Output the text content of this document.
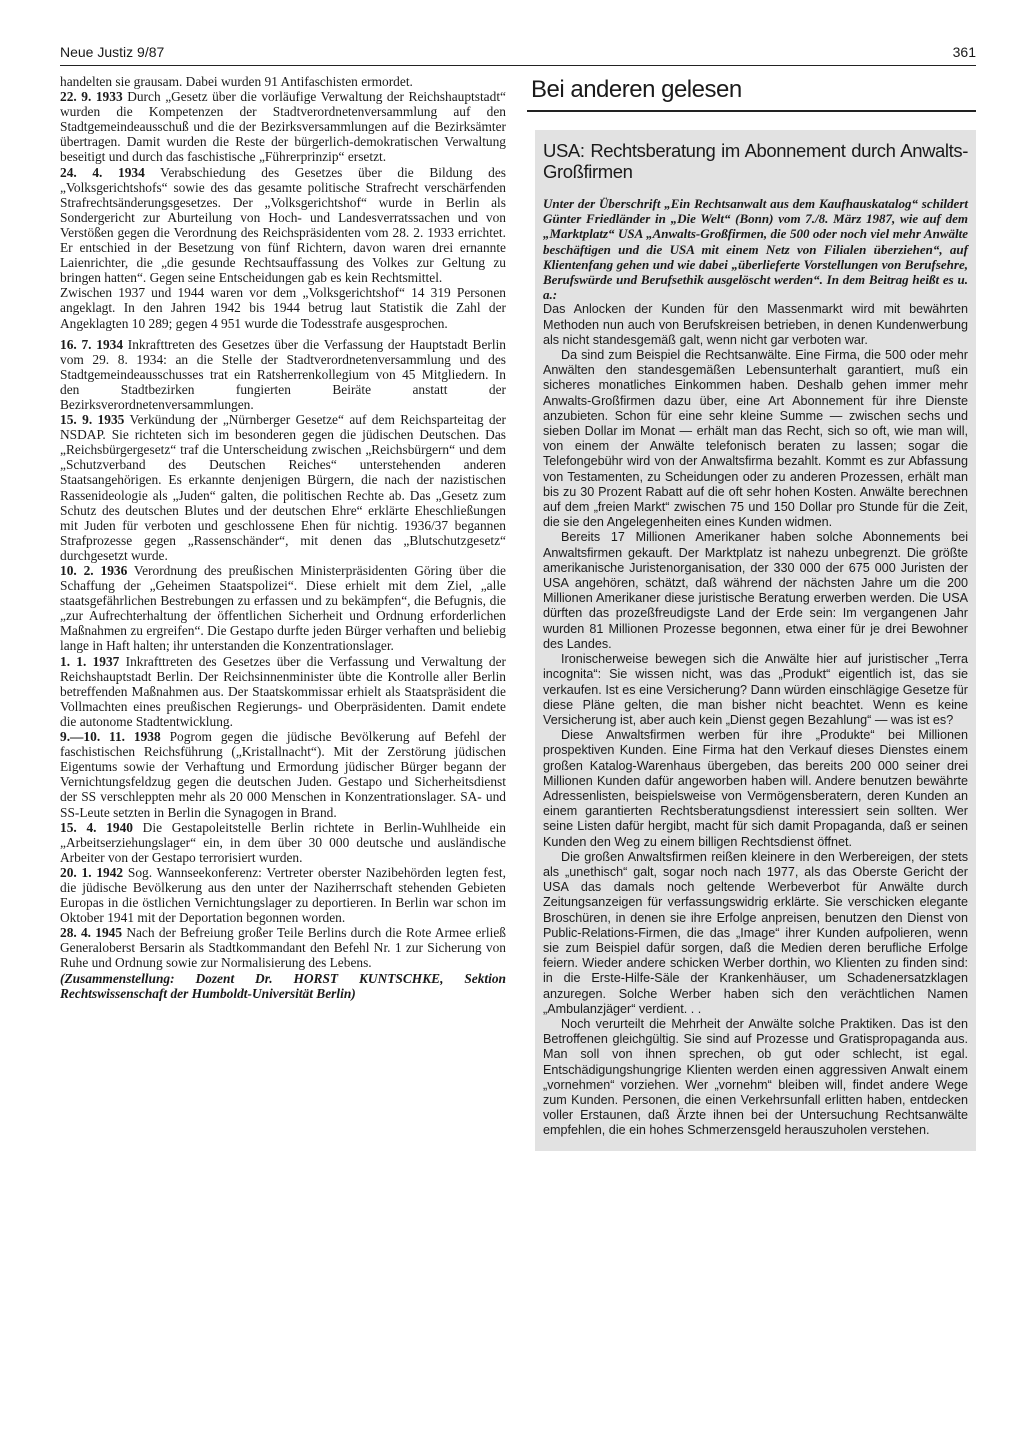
Neue Justiz 9/87	361

handelten sie grausam. Dabei wurden 91 Antifaschisten ermordet.

22. 9. 1933 Durch „Gesetz über die vorläufige Verwaltung der Reichshauptstadt“ wurden die Kompetenzen der Stadtverordnetenversammlung auf den Stadtgemeindeausschuß und die der Bezirksversammlungen auf die Bezirksämter übertragen. Damit wurden die Reste der bürgerlich-demokratischen Verwaltung beseitigt und durch das faschistische „Führerprinzip“ ersetzt.

24. 4. 1934 Verabschiedung des Gesetzes über die Bildung des „Volksgerichtshofs“ sowie des das gesamte politische Strafrecht verschärfenden Strafrechtsänderungsgesetzes. Der „Volksgerichtshof“ wurde in Berlin als Sondergericht zur Aburteilung von Hoch- und Landesverratssachen und von Verstößen gegen die Verordnung des Reichspräsidenten vom 28. 2. 1933 errichtet. Er entschied in der Besetzung von fünf Richtern, davon waren drei ernannte Laienrichter, die „die gesunde Rechtsauffassung des Volkes zur Geltung zu bringen hatten“. Gegen seine Entscheidungen gab es kein Rechtsmittel.

Zwischen 1937 und 1944 waren vor dem „Volksgerichtshof“ 14 319 Personen angeklagt. In den Jahren 1942 bis 1944 betrug laut Statistik die Zahl der Angeklagten 10 289; gegen 4 951 wurde die Todesstrafe ausgesprochen.

16. 7. 1934 Inkrafttreten des Gesetzes über die Verfassung der Hauptstadt Berlin vom 29. 8. 1934: an die Stelle der Stadtverordnetenversammlung und des Stadtgemeindeausschusses trat ein Ratsherrenkollegium von 45 Mitgliedern. In den Stadtbezirken fungierten Beiräte anstatt der Bezirksverordnetenversammlungen.

15. 9. 1935 Verkündung der „Nürnberger Gesetze“ auf dem Reichsparteitag der NSDAP. Sie richteten sich im besonderen gegen die jüdischen Deutschen. Das „Reichsbürgergesetz“ traf die Unterscheidung zwischen „Reichsbürgern“ und dem „Schutzverband des Deutschen Reiches“ unterstehenden anderen Staatsangehörigen. Es erkannte denjenigen Bürgern, die nach der nazistischen Rassenideologie als „Juden“ galten, die politischen Rechte ab. Das „Gesetz zum Schutz des deutschen Blutes und der deutschen Ehre“ erklärte Eheschließungen mit Juden für verboten und geschlossene Ehen für nichtig. 1936/37 begannen Strafprozesse gegen „Rassenschänder“, mit denen das „Blutschutzgesetz“ durchgesetzt wurde.

10. 2. 1936 Verordnung des preußischen Ministerpräsidenten Göring über die Schaffung der „Geheimen Staatspolizei“. Diese erhielt mit dem Ziel, „alle staatsgefährlichen Bestrebungen zu erfassen und zu bekämpfen“, die Befugnis, die „zur Aufrechterhaltung der öffentlichen Sicherheit und Ordnung erforderlichen Maßnahmen zu ergreifen“. Die Gestapo durfte jeden Bürger verhaften und beliebig lange in Haft halten; ihr unterstanden die Konzentrationslager.

1. 1. 1937 Inkrafttreten des Gesetzes über die Verfassung und Verwaltung der Reichshauptstadt Berlin. Der Reichsinnenminister übte die Kontrolle aller Berlin betreffenden Maßnahmen aus. Der Staatskommissar erhielt als Staatspräsident die Vollmachten eines preußischen Regierungs- und Oberpräsidenten. Damit endete die autonome Stadtentwicklung.

9.—10. 11. 1938 Pogrom gegen die jüdische Bevölkerung auf Befehl der faschistischen Reichsführung („Kristallnacht“). Mit der Zerstörung jüdischen Eigentums sowie der Verhaftung und Ermordung jüdischer Bürger begann der Vernichtungsfeldzug gegen die deutschen Juden. Gestapo und Sicherheitsdienst der SS verschleppten mehr als 20 000 Menschen in Konzentrationslager. SA- und SS-Leute setzten in Berlin die Synagogen in Brand.

15. 4. 1940 Die Gestapoleitstelle Berlin richtete in Berlin-Wuhlheide ein „Arbeitserziehungslager“ ein, in dem über 30 000 deutsche und ausländische Arbeiter von der Gestapo terrorisiert wurden.

20. 1. 1942 Sog. Wannseekonferenz: Vertreter oberster Nazibehörden legten fest, die jüdische Bevölkerung aus den unter der Naziherrschaft stehenden Gebieten Europas in die östlichen Vernichtungslager zu deportieren. In Berlin war schon im Oktober 1941 mit der Deportation begonnen worden.

28. 4. 1945 Nach der Befreiung großer Teile Berlins durch die Rote Armee erließ Generaloberst Bersarin als Stadtkommandant den Befehl Nr. 1 zur Sicherung von Ruhe und Ordnung sowie zur Normalisierung des Lebens.

(Zusammenstellung: Dozent Dr. HORST KUNTSCHKE, Sektion Rechtswissenschaft der Humboldt-Universität Berlin)

Bei anderen gelesen
USA: Rechtsberatung im Abonnement durch Anwalts-Großfirmen

Unter der Überschrift „Ein Rechtsanwalt aus dem Kaufhauskatalog“ schildert Günter Friedländer in „Die Welt“ (Bonn) vom 7./8. März 1987, wie auf dem „Marktplatz“ USA „Anwalts-Großfirmen, die 500 oder noch viel mehr Anwälte beschäftigen und die USA mit einem Netz von Filialen überziehen“, auf Klientenfang gehen und wie dabei „überlieferte Vorstellungen von Berufsehre, Berufswürde und Berufsethik ausgelöscht werden“. In dem Beitrag heißt es u. a.:

Das Anlocken der Kunden für den Massenmarkt wird mit bewährten Methoden nun auch von Berufskreisen betrieben, in denen Kundenwerbung als nicht standesgemäß galt, wenn nicht gar verboten war.

Da sind zum Beispiel die Rechtsanwälte. Eine Firma, die 500 oder mehr Anwälten den standesgemäßen Lebensunterhalt garantiert, muß ein sicheres monatliches Einkommen haben. Deshalb gehen immer mehr Anwalts-Großfirmen dazu über, eine Art Abonnement für ihre Dienste anzubieten. Schon für eine sehr kleine Summe — zwischen sechs und sieben Dollar im Monat — erhält man das Recht, sich so oft, wie man will, von einem der Anwälte telefonisch beraten zu lassen; sogar die Telefongebühr wird von der Anwaltsfirma bezahlt. Kommt es zur Abfassung von Testamenten, zu Scheidungen oder zu anderen Prozessen, erhält man bis zu 30 Prozent Rabatt auf die oft sehr hohen Kosten. Anwälte berechnen auf dem „freien Markt“ zwischen 75 und 150 Dollar pro Stunde für die Zeit, die sie den Angelegenheiten eines Kunden widmen.

Bereits 17 Millionen Amerikaner haben solche Abonnements bei Anwaltsfirmen gekauft. Der Marktplatz ist nahezu unbegrenzt. Die größte amerikanische Juristenorganisation, der 330 000 der 675 000 Juristen der USA angehören, schätzt, daß während der nächsten Jahre um die 200 Millionen Amerikaner diese juristische Beratung erwerben werden. Die USA dürften das prozeßfreudigste Land der Erde sein: Im vergangenen Jahr wurden 81 Millionen Prozesse begonnen, etwa einer für je drei Bewohner des Landes.

Ironischerweise bewegen sich die Anwälte hier auf juristischer „Terra incognita“: Sie wissen nicht, was das „Produkt“ eigentlich ist, das sie verkaufen. Ist es eine Versicherung? Dann würden einschlägige Gesetze für diese Pläne gelten, die man bisher nicht beachtet. Wenn es keine Versicherung ist, aber auch kein „Dienst gegen Bezahlung“ — was ist es?

Diese Anwaltsfirmen werben für ihre „Produkte“ bei Millionen prospektiven Kunden. Eine Firma hat den Verkauf dieses Dienstes einem großen Katalog-Warenhaus übergeben, das bereits 200 000 seiner drei Millionen Kunden dafür angeworben haben will. Andere benutzen bewährte Adressenlisten, beispielsweise von Vermögensberatern, deren Kunden an einem garantierten Rechtsberatungsdienst interessiert sein sollten. Wer seine Listen dafür hergibt, macht für sich damit Propaganda, daß er seinen Kunden den Weg zu einem billigen Rechtsdienst öffnet.

Die großen Anwaltsfirmen reißen kleinere in den Werbereigen, der stets als „unethisch“ galt, sogar noch nach 1977, als das Oberste Gericht der USA das damals noch geltende Werbeverbot für Anwälte durch Zeitungsanzeigen für verfassungswidrig erklärte. Sie verschicken elegante Broschüren, in denen sie ihre Erfolge anpreisen, benutzen den Dienst von Public-Relations-Firmen, die das „Image“ ihrer Kunden aufpolieren, wenn sie zum Beispiel dafür sorgen, daß die Medien deren berufliche Erfolge feiern. Wieder andere schicken Werber dorthin, wo Klienten zu finden sind: in die Erste-Hilfe-Säle der Krankenhäuser, um Schadenersatzklagen anzuregen. Solche Werber haben sich den verächtlichen Namen „Ambulanzjäger“ verdient. . .

Noch verurteilt die Mehrheit der Anwälte solche Praktiken. Das ist den Betroffenen gleichgültig. Sie sind auf Prozesse und Gratispropaganda aus. Man soll von ihnen sprechen, ob gut oder schlecht, ist egal. Entschädigungshungrige Klienten werden einen aggressiven Anwalt einem „vornehmen“ vorziehen. Wer „vornehm“ bleiben will, findet andere Wege zum Kunden. Personen, die einen Verkehrsunfall erlitten haben, entdecken voller Erstaunen, daß Ärzte ihnen bei der Untersuchung Rechtsanwälte empfehlen, die ein hohes Schmerzensgeld herauszuholen verstehen.
